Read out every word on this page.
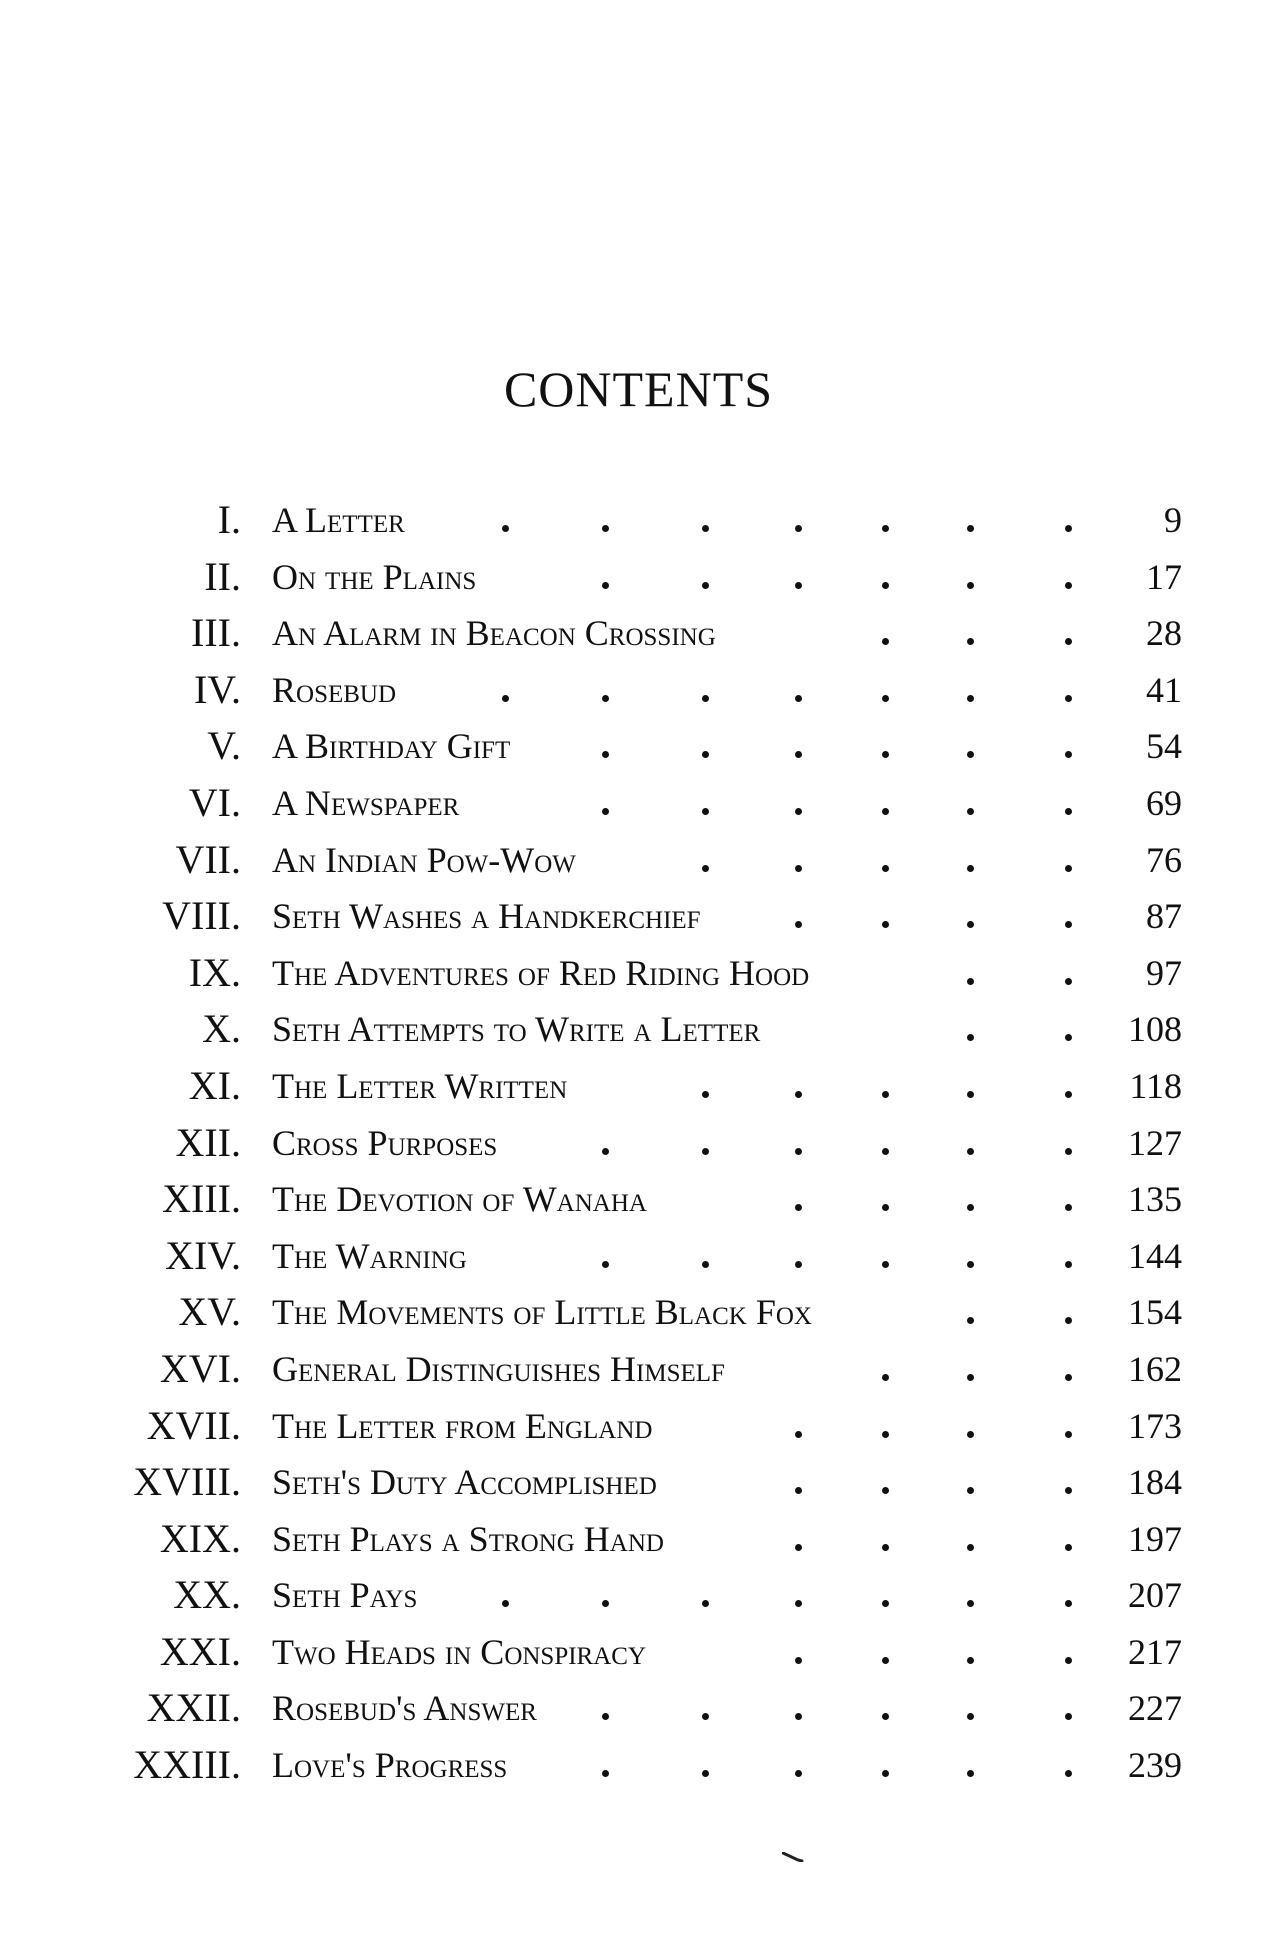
CONTENTS
I. A Letter	9
II. On the Plains	17
III. An Alarm in Beacon Crossing	28
IV. Rosebud	41
V. A Birthday Gift	54
VI. A Newspaper	69
VII. An Indian Pow-Wow	76
VIII. Seth Washes a Handkerchief	87
IX. The Adventures of Red Riding Hood	97
X. Seth Attempts to Write a Letter	108
XI. The Letter Written	118
XII. Cross Purposes	127
XIII. The Devotion of Wanaha	135
XIV. The Warning	144
XV. The Movements of Little Black Fox	154
XVI. General Distinguishes Himself	162
XVII. The Letter from England	173
XVIII. Seth's Duty Accomplished	184
XIX. Seth Plays a Strong Hand	197
XX. Seth Pays	207
XXI. Two Heads in Conspiracy	217
XXII. Rosebud's Answer	227
XXIII. Love's Progress	239
